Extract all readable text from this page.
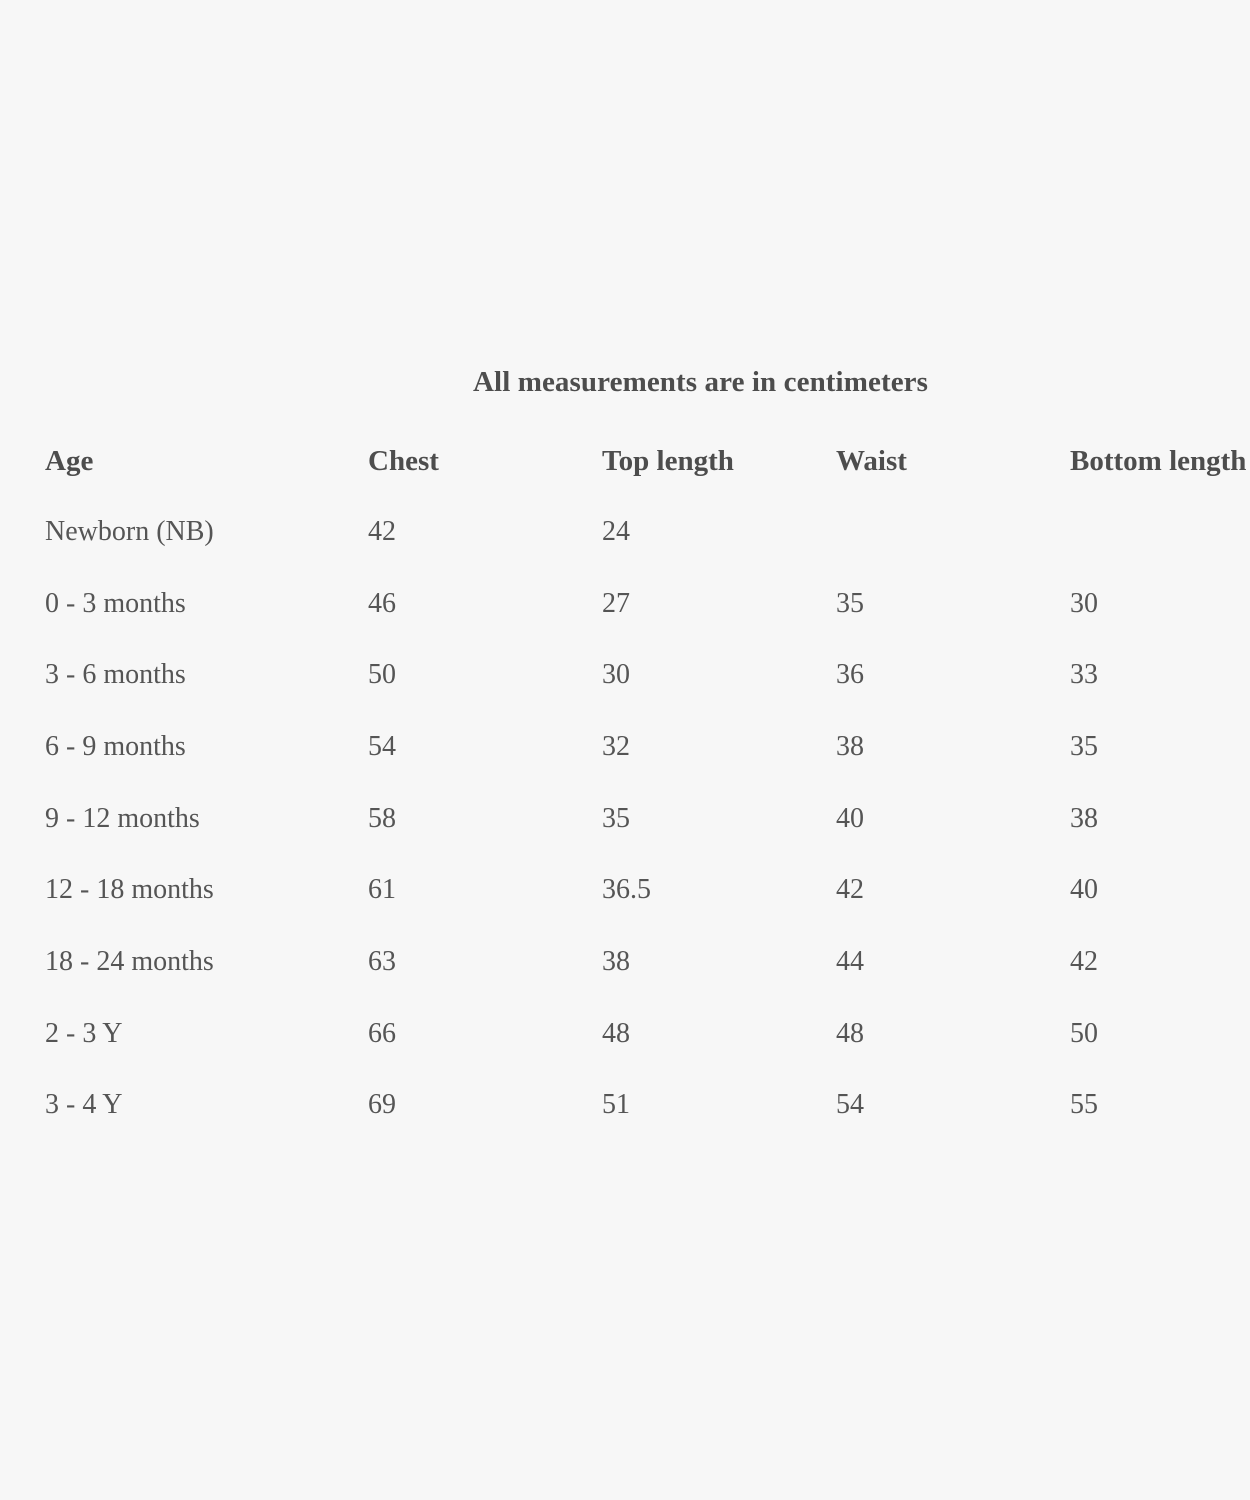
All measurements are in centimeters
Age	Chest	Top length	Waist	Bottom length
Newborn (NB)	42	24
0 - 3 months	46	27	35	30
3 - 6 months	50	30	36	33
6 - 9 months	54	32	38	35
9 - 12 months	58	35	40	38
12 - 18 months	61	36.5	42	40
18 - 24 months	63	38	44	42
2 - 3 Y	66	48	48	50
3 - 4 Y	69	51	54	55
